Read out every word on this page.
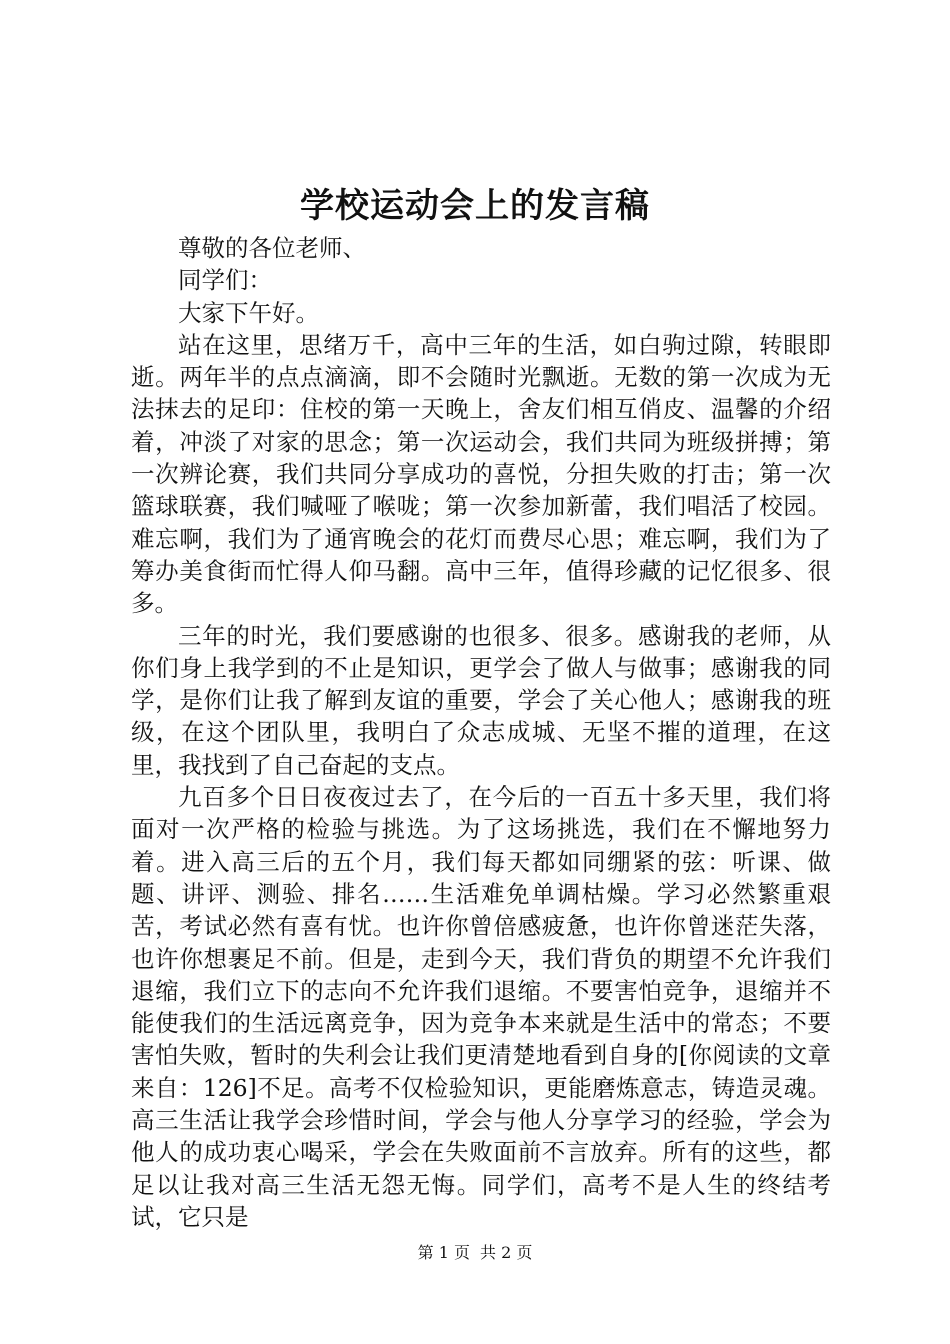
学校运动会上的发言稿

尊敬的各位老师、

同学们：

大家下午好。

站在这里，思绪万千，高中三年的生活，如白驹过隙，转眼即逝。两年半的点点滴滴，即不会随时光飘逝。无数的第一次成为无法抹去的足印：住校的第一天晚上，舍友们相互俏皮、温馨的介绍着，冲淡了对家的思念；第一次运动会，我们共同为班级拼搏；第一次辨论赛，我们共同分享成功的喜悦，分担失败的打击；第一次篮球联赛，我们喊哑了喉咙；第一次参加新蕾，我们唱活了校园。难忘啊，我们为了通宵晚会的花灯而费尽心思；难忘啊，我们为了筹办美食街而忙得人仰马翻。高中三年，值得珍藏的记忆很多、很多。

三年的时光，我们要感谢的也很多、很多。感谢我的老师，从你们身上我学到的不止是知识，更学会了做人与做事；感谢我的同学，是你们让我了解到友谊的重要，学会了关心他人；感谢我的班级，在这个团队里，我明白了众志成城、无坚不摧的道理，在这里，我找到了自己奋起的支点。

九百多个日日夜夜过去了，在今后的一百五十多天里，我们将面对一次严格的检验与挑选。为了这场挑选，我们在不懈地努力着。进入高三后的五个月，我们每天都如同绷紧的弦：听课、做题、讲评、测验、排名……生活难免单调枯燥。学习必然繁重艰苦，考试必然有喜有忧。也许你曾倍感疲惫，也许你曾迷茫失落，也许你想裹足不前。但是，走到今天，我们背负的期望不允许我们退缩，我们立下的志向不允许我们退缩。不要害怕竞争，退缩并不能使我们的生活远离竞争，因为竞争本来就是生活中的常态；不要害怕失败，暂时的失利会让我们更清楚地看到自身的[你阅读的文章来自：126]不足。高考不仅检验知识，更能磨炼意志，铸造灵魂。高三生活让我学会珍惜时间，学会与他人分享学习的经验，学会为他人的成功衷心喝采，学会在失败面前不言放弃。所有的这些，都足以让我对高三生活无怨无悔。同学们，高考不是人生的终结考试，它只是

第 1 页 共 2 页
